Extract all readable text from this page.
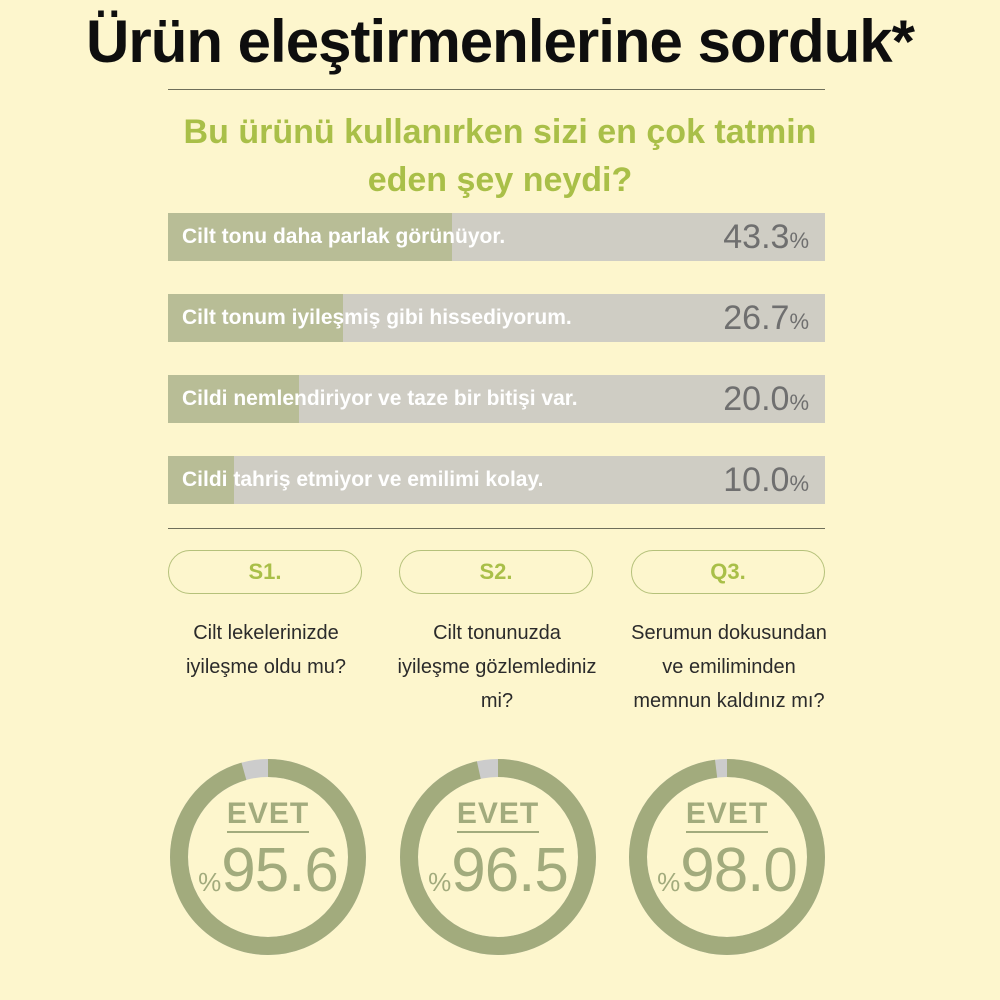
Ürün eleştirmenlerine sorduk*
Bu ürünü kullanırken sizi en çok tatmin
eden şey neydi?
Cilt tonu daha parlak görünüyor.	43.3%
Cilt tonum iyileşmiş gibi hissediyorum.	26.7%
Cildi nemlendiriyor ve taze bir bitişi var.	20.0%
Cildi tahriş etmiyor ve emilimi kolay.	10.0%
S1.
Cilt lekelerinizde
iyileşme oldu mu?
S2.
Cilt tonunuzda
iyileşme gözlemlediniz
mi?
Q3.
Serumun dokusundan
ve emiliminden
memnun kaldınız mı?
EVET
%95.6
EVET
%96.5
EVET
%98.0
